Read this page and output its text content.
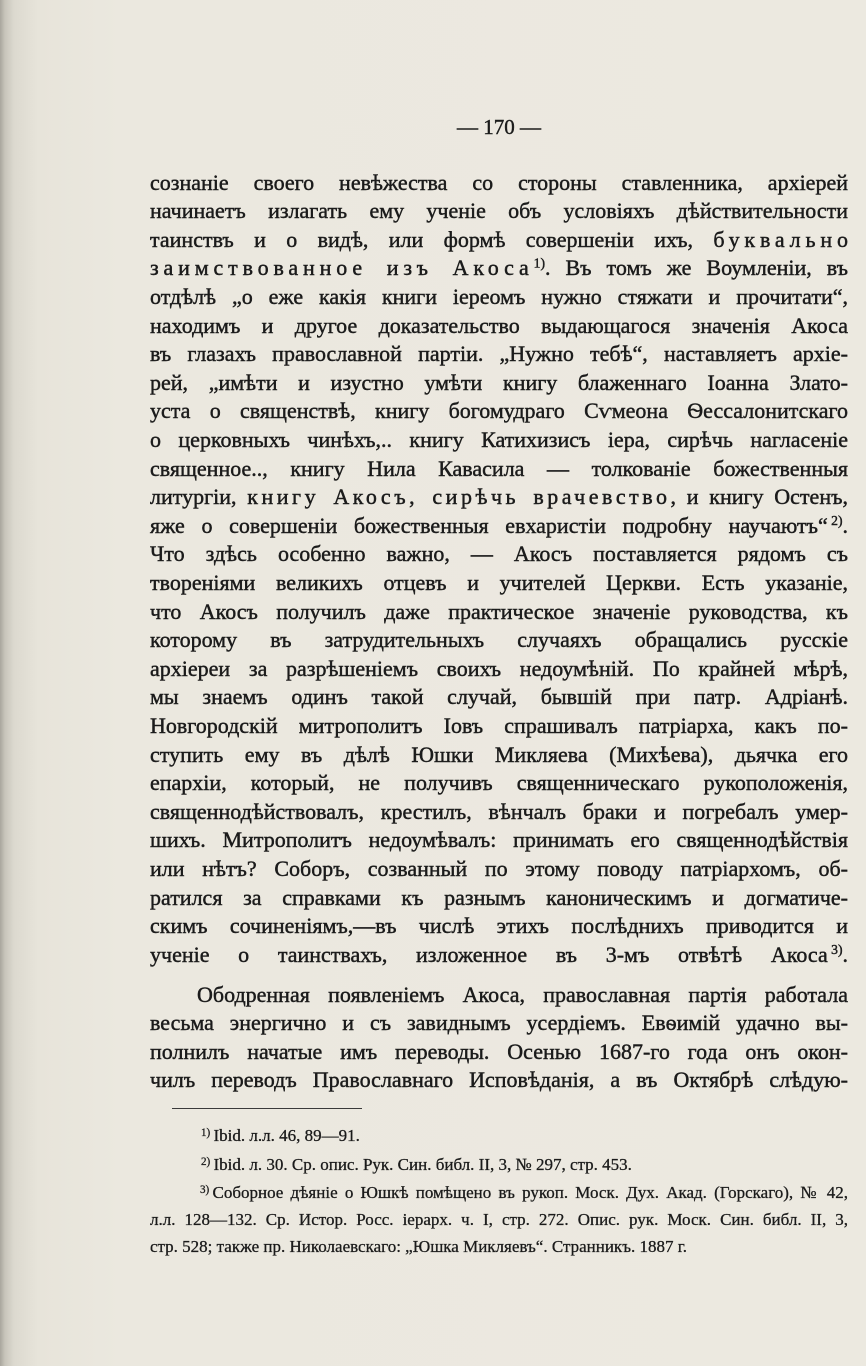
— 170 —
сознаніе своего невѣжества со стороны ставленника, архіерей
начинаетъ излагать ему ученіе объ условіяхъ дѣйствительности
таинствъ и о видѣ, или формѣ совершеніи ихъ, буквально
заимствованное изъ Акоса$^{1)}$. Въ томъ же Воумленіи, въ
отдѣлѣ „о еже какія книги іереомъ нужно стяжати и прочитати“,
находимъ и другое доказательство выдающагося значенія Акоса
въ глазахъ православной партіи. „Нужно тебѣ“, наставляетъ архіе-
рей, „имѣти и изустно умѣти книгу блаженнаго Іоанна Злато-
уста о священствѣ, книгу богомудраго Сѵмеона Ѳессалонитскаго
о церковныхъ чинѣхъ,.. книгу Катихизисъ іера, сирѣчь нагласеніе
священное.., книгу Нила Кавасила — толкованіе божественныя
литургіи, книгу Акосъ, сирѣчь врачевство, и книгу Остенъ,
яже о совершеніи божественныя евхаристіи подробну научаютъ“ $^{2)}$.
Что здѣсь особенно важно, — Акосъ поставляется рядомъ съ
твореніями великихъ отцевъ и учителей Церкви. Есть указаніе,
что Акосъ получилъ даже практическое значеніе руководства, къ
которому въ затрудительныхъ случаяхъ обращались русскіе
архіереи за разрѣшеніемъ своихъ недоумѣній. По крайней мѣрѣ,
мы знаемъ одинъ такой случай, бывшій при патр. Адріанѣ.
Новгородскій митрополитъ Іовъ спрашивалъ патріарха, какъ по-
ступить ему въ дѣлѣ Юшки Микляева (Михѣева), дьячка его
епархіи, который, не получивъ священническаго рукоположенія,
священнодѣйствовалъ, крестилъ, вѣнчалъ браки и погребалъ умер-
шихъ. Митрополитъ недоумѣвалъ: принимать его священнодѣйствія
или нѣтъ? Соборъ, созванный по этому поводу патріархомъ, об-
ратился за справками къ разнымъ каноническимъ и догматиче-
скимъ сочиненіямъ,—въ числѣ этихъ послѣднихъ приводится и
ученіе о таинствахъ, изложенное въ 3-мъ отвѣтѣ Акоса $^{3)}$.
Ободренная появленіемъ Акоса, православная партія работала
весьма энергично и съ завиднымъ усердіемъ. Евѳимій удачно вы-
полнилъ начатые имъ переводы. Осенью 1687-го года онъ окон-
чилъ переводъ Православнаго Исповѣданія, а въ Октябрѣ слѣдую-
$^{1)}$ Ibid. л.л. 46, 89—91.
$^{2)}$ Ibid. л. 30. Ср. опис. Рук. Син. библ. II, 3, № 297, стр. 453.
$^{3)}$ Соборное дѣяніе о Юшкѣ помѣщено въ рукоп. Моск. Дух. Акад. (Горскаго), № 42,
л.л. 128—132. Ср. Истор. Росс. іерарх. ч. I, стр. 272. Опис. рук. Моск. Син. библ. II, 3,
стр. 528; также пр. Николаевскаго: „Юшка Микляевъ“. Странникъ. 1887 г.
